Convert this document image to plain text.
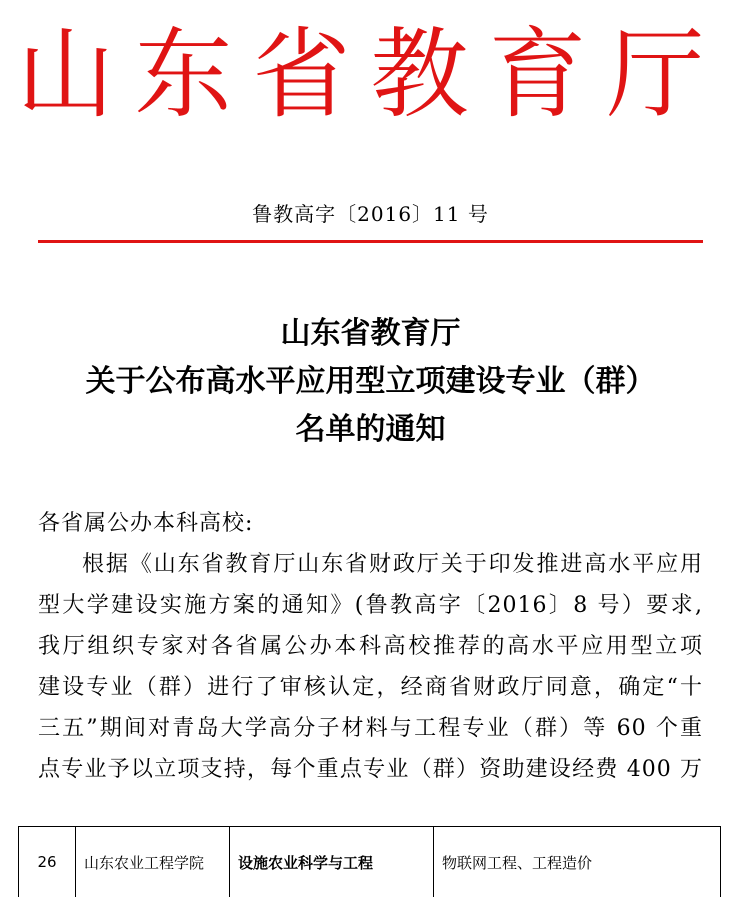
山东省教育厅
鲁教高字〔2016〕11 号
山东省教育厅
关于公布高水平应用型立项建设专业（群）
名单的通知
各省属公办本科高校:
根据《山东省教育厅山东省财政厅关于印发推进高水平应用
型大学建设实施方案的通知》(鲁教高字〔2016〕8 号）要求,
我厅组织专家对各省属公办本科高校推荐的高水平应用型立项
建设专业（群）进行了审核认定，经商省财政厅同意，确定“十
三五”期间对青岛大学高分子材料与工程专业（群）等 60 个重
点专业予以立项支持，每个重点专业（群）资助建设经费 400 万
26	山东农业工程学院	设施农业科学与工程	物联网工程、工程造价
